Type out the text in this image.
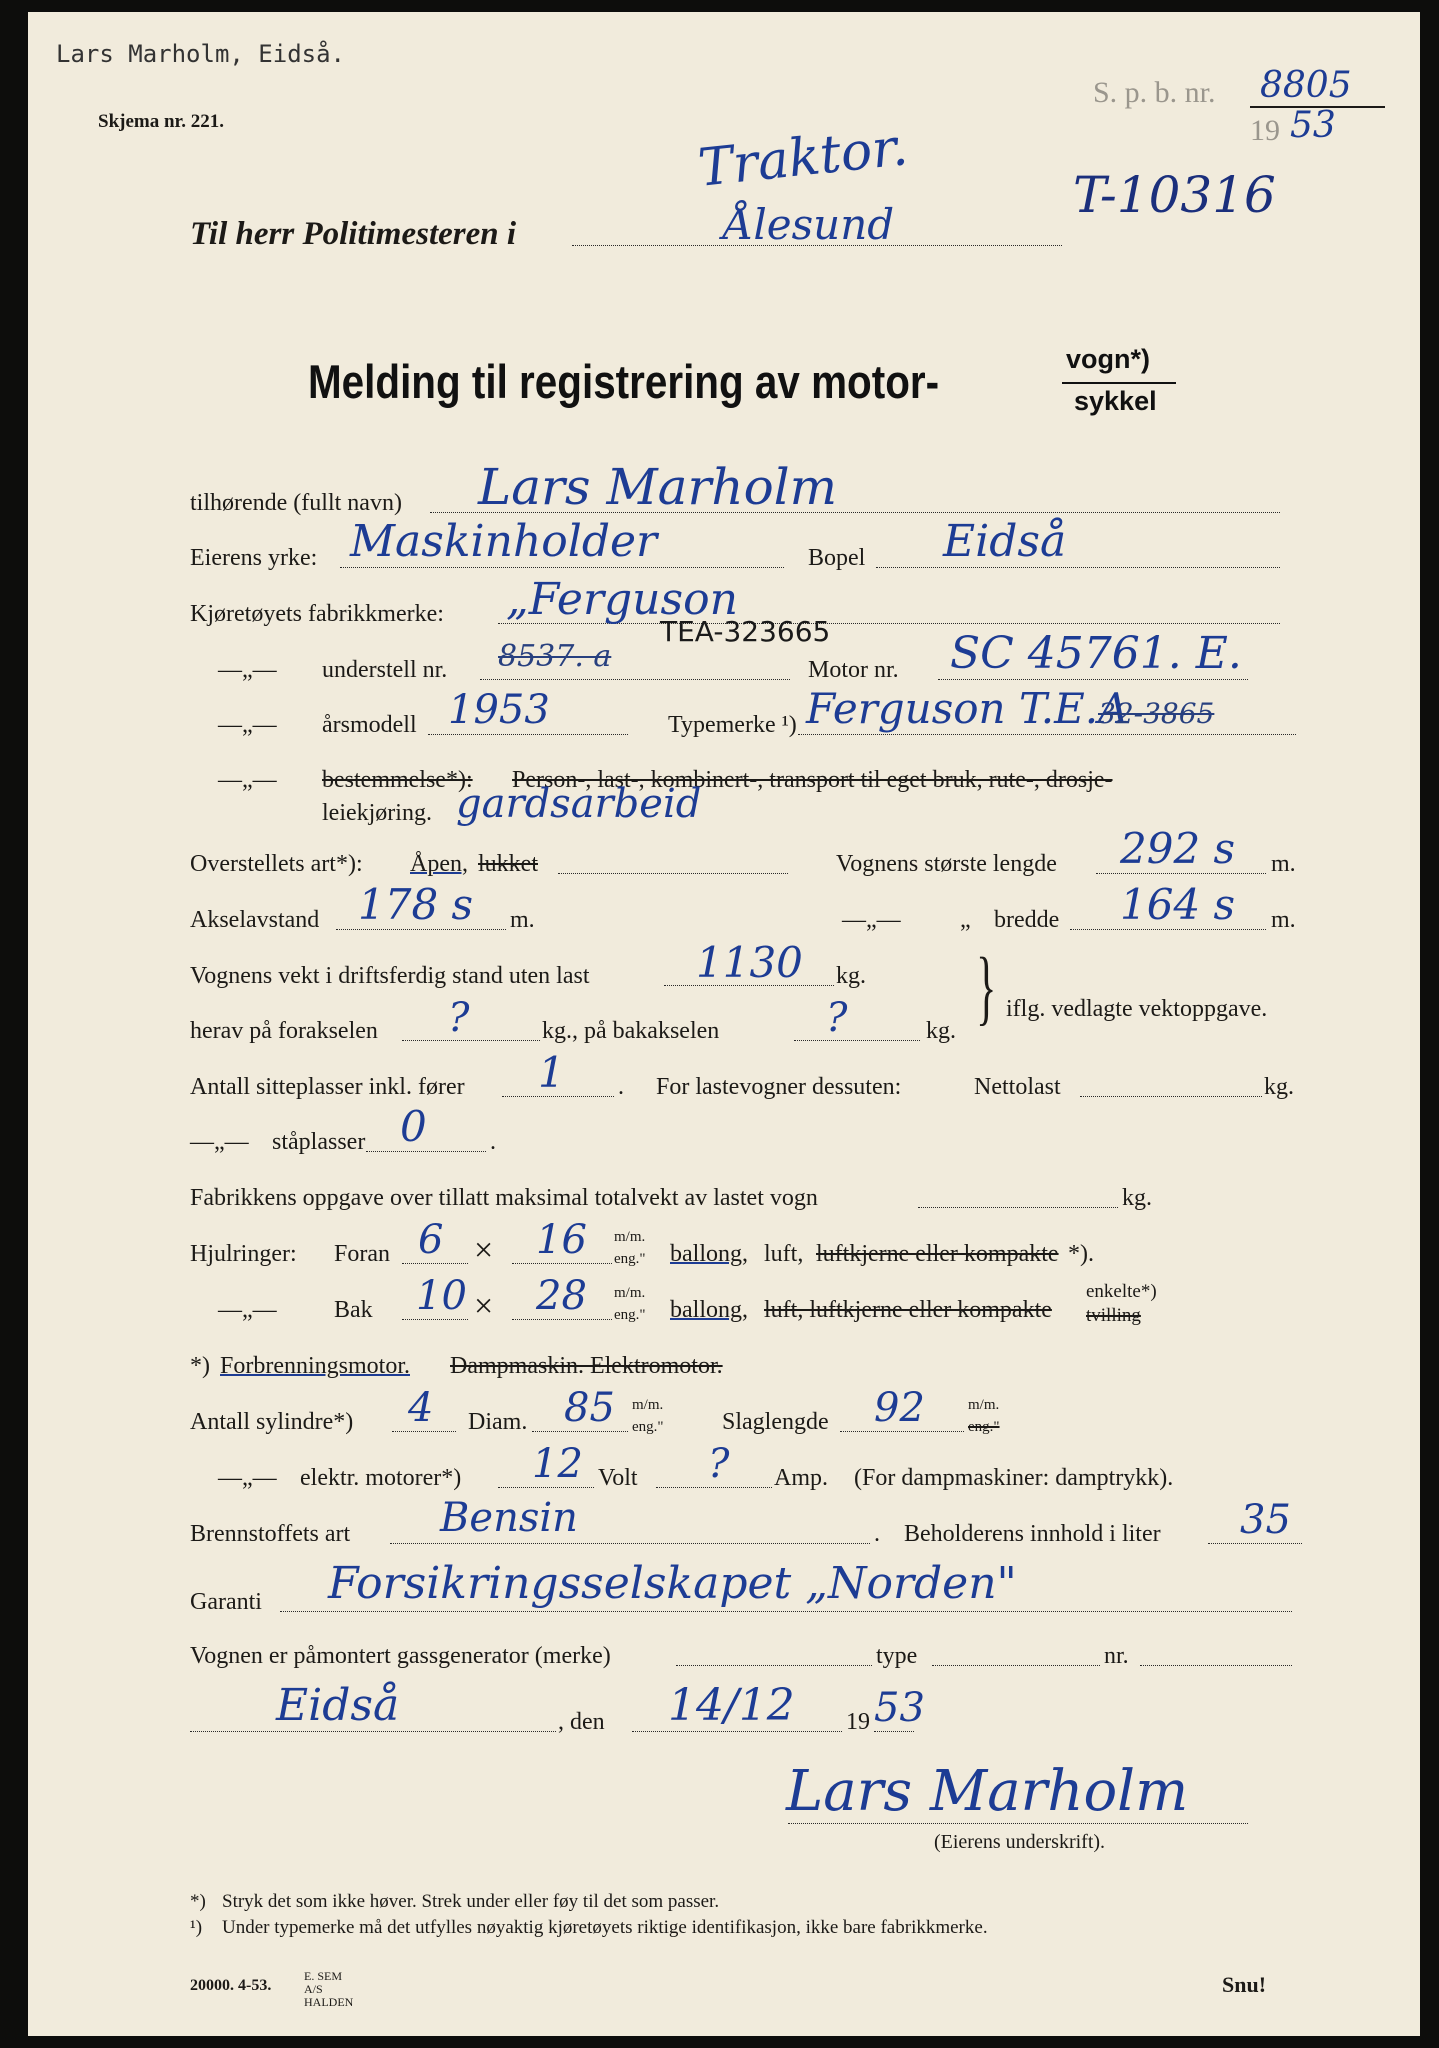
Lars Marholm, Eidså.
Skjema nr. 221.
S. p. b. nr. 8805
19 53
Traktor.	T-10316
Til herr Politimesteren i	Ålesund
Melding til registrering av motor-	vogn*)
sykkel
tilhørende (fullt navn) Lars Marholm
Eierens yrke: Maskinholder	Bopel Eidså
Kjøretøyets fabrikkmerke: „Ferguson
—„— understell nr. 8537. a
TEA-323665
Motor nr. SC 45761. E.
—„— årsmodell 1953	Typemerke ¹) Ferguson T.E.A
32-3865
—„— bestemmelse*): Person-, last-, kombinert-, transport til eget bruk, rute-, drosje-
leiekjøring. gardsarbeid
Overstellets art*): Åpen, lukket	Vognens største lengde 292 s m.
Akselavstand 178 s m.	—„— „ bredde 164 s m.
Vognens vekt i driftsferdig stand uten last	1130 kg. } iflg. vedlagte vektoppgave.
herav på forakselen ?	kg., på bakakselen	?	kg.
Antall sitteplasser inkl. fører 1 . For lastevogner dessuten:	Nettolast	kg.
—„— ståplasser 0	.
Fabrikkens oppgave over tillatt maksimal totalvekt av lastet vogn	kg.
Hjulringer: Foran 6 × 16 m/m.
eng." ballong, luft, luftkjerne eller kompakte *).
—„— Bak 10 × 28 m/m.
eng." ballong, luft, luftkjerne eller kompakte
enkelte*)
tvilling
*) Forbrenningsmotor. Dampmaskin. Elektromotor.
Antall sylindre*) 4 Diam. 85 m/m.
eng." Slaglengde 92	m/m.
eng."
—„— elektr. motorer*) 12 Volt ? Amp. (For dampmaskiner: damptrykk).
Brennstoffets art Bensin	. Beholderens innhold i liter 35
Garanti Forsikringsselskapet „Norden"
Vognen er påmontert gassgenerator (merke)	type	nr.
Eidså	, den 14/12 19 53
Lars Marholm
(Eierens underskrift).
*) Stryk det som ikke høver. Strek under eller føy til det som passer.
¹) Under typemerke må det utfylles nøyaktig kjøretøyets riktige identifikasjon, ikke bare fabrikkmerke.
20000. 4-53.
E. SEM A/S HALDEN
Snu!
